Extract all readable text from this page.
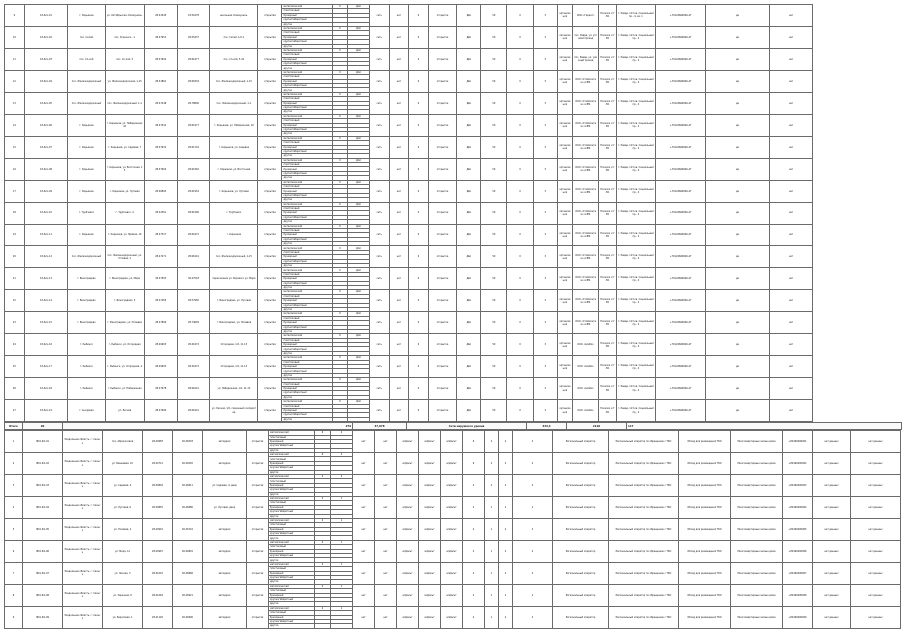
9	43-Клч-01	г. Кирьянов	ул. Октябрьская, Коммуналь.	28.43445	43.51678	школьная, Коммуналь.	открытая	металлический	0	ДШ	сеть	нет	0	открытое	ДШ	50	0	3	организация	ООО «Гарант»	Поселок и ГЭО	г. Ревда, 113 кв. Социальный пр., 4, кв. 1	+70124660046-47	да	нет
								пластиковый																	
								бункерный																	
								крупногабаритный																	
								другое																	
10	43-Клч-02	пос. Склий	пос. Ксенонск., 1	28.47951	28.55437	пос. Склий, 1/2-1	открытая	металлический	0	ДШ	сеть	нет	0	открытое	ДШ	50	0	3	организация	пос. Ревда, ул. угловой проезд	Поселок и ГЭО	г. Ревда, 113 кв. Социальный пр., 4	+70124660046-47	да	нет
								пластиковый																	
								бункерный																	
								крупногабаритный																	
								другое																	
11	43-Клч-03	пос. Сп-кой	пос. Сп-кой, 5	28.47904	28.61977	пос. Сп-кой, 5-10	открытая	металлический	0	ДШ	сеть	нет	0	открытое	ДШ	50	0	3	организация	пос. Ревда, ул. уличный проезд	Поселок и ГЭО	г. Ревда, 113 кв. Социальный пр., 4	+70124660046-47	да	нет
								пластиковый																	
								бункерный																	
								крупногабаритный																	
								другое																	
12	43-Клч-04	пос. Железнодорожный	ул. Железнодорожная, 1-15	28.41861	28.66334	пос. Железнодорожный, 1-15	открытая	металлический	0	ДШ	сеть	нет	0	открытое	ДШ	50	0	3	организация	ООО «Стоймонтаж» в ВМ.	Поселок и ГЭО	г. Ревда, 113 кв. Социальный пр., 4	+70124660046-47	да	нет
								пластиковый																	
								бункерный																	
								крупногабаритный																	
								другое																	
13	43-Клч-05	пос. Железнодорожный	пос. Железнодорожный, 1-1	28.47248	28.78800	пос. Железнодорожный, 1-1	открытая	металлический	0	ДШ	сеть	нет	0	открытое	ДШ	50	0	3	организация	ООО «Стоймонтаж» в ВМ.	Поселок и ГЭО	г. Ревда, 113 кв. Социальный пр., 4	+70124660046-47	да	нет
								пластиковый																	
								бункерный																	
								крупногабаритный																	
								другое																	
14	43-Клч-06	г. Кирьянов	г. Кирьянов, ул. Набережная, 10	28.47541	28.61977	г. Кирьянов, ул. Набережная, 10	открытая	металлический	0	ДШ	сеть	нет	0	открытое	ДШ	50	0	3	организация	ООО «Стоймонтаж» в ВМ.	Поселок и ГЭО	г. Ревда, 113 кв. Социальный пр., 4	+70124660046-47	да	нет
								пластиковый																	
								бункерный																	
								крупногабаритный																	
								другое																	
15	43-Клч-07	г. Кирьянов	г. Кирьянов, ул. Садовая, 7	28.47931	28.61716	г. Кирьянов, ул. Садовая	открытая	металлический	0	ДШ	сеть	нет	0	открытое	ДШ	50	0	3	организация	ООО «Стоймонтаж» в ВМ.	Поселок и ГЭО	г. Ревда, 113 кв. Социальный пр., 4	+70124660046-47	да	нет
								пластиковый																	
								бункерный																	
								крупногабаритный																	
								другое																	
16	43-Клч-08	г. Кирьянов	г. Кирьянов, ул. Восточная, 15	28.47904	28.61962	г. Кирьянов, ул. Восточная	открытая	металлический	0	ДШ	сеть	нет	0	открытое	ДШ	50	0	3	организация	ООО «Стоймонтаж» в ВМ.	Поселок и ГЭО	г. Ревда, 113 кв. Социальный пр., 4	+70124660046-47	да	нет
								пластиковый																	
								бункерный																	
								крупногабаритный																	
								другое																	
17	43-Клч-09	г. Кирьянов	г. Кирьянов, ул. Луговая	28.46893	28.61954	г. Кирьянов, ул. Луговая	открытая	металлический	0	ДШ	сеть	нет	0	открытое	ДШ	50	0	3	организация	ООО «Стоймонтаж» в ВМ.	Поселок и ГЭО	г. Ревда, 113 кв. Социальный пр., 4	+70124660046-47	да	нет
								пластиковый																	
								бункерный																	
								крупногабаритный																	
								другое																	
18	43-Клч-10	г. Трубчевск	г. Трубчевск, 4	28.42361	28.61990	г. Трубчевск	открытая	металлический	0	ДШ	сеть	нет	0	открытое	ДШ	50	0	3	организация	ООО «Стоймонтаж» в ВМ.	Поселок и ГЭО	г. Ревда, 113 кв. Социальный пр., 4	+70124660046-47	да	нет
								пластиковый																	
								бункерный																	
								крупногабаритный																	
								другое																	
19	43-Клч-11	г. Кирьянов	г. Кирьянов, ул. Прямая, 10	28.47317	28.61672	г. Кирьянов	открытая	металлический	0	ДШ	сеть	нет	0	открытое	ДШ	50	0	3	организация	ООО «Стоймонтаж» в ВМ.	Поселок и ГЭО	г. Ревда, 113 кв. Социальный пр., 4	+70124660046-47	да	нет
								пластиковый																	
								бункерный																	
								крупногабаритный																	
								другое																	
20	43-Клч-12	пос. Железнодорожный	пос. Железнодорожный, ул. Угловая, 2	28.47271	28.61641	пос. Железнодорожный, 1-15	открытая	металлический	0	ДШ	сеть	нет	0	открытое	ДШ	50	0	3	организация	ООО «Стоймонтаж» в ВМ.	Поселок и ГЭО	г. Ревда, 113 кв. Социальный пр., 4	+70124660046-47	да	нет
								пластиковый																	
								бункерный																	
								крупногабаритный																	
								другое																	
21	43-Клч-13	г. Виноградово	г. Виноградово, ул. Мира	36.47503	36.47503	пересечение ул. Кирова и ул. Мира	открытая	металлический	0	ДШ	сеть	нет	0	открытое	ДШ	50	0	3	организация	ООО «Стоймонтаж» в ВМ.	Поселок и ГЭО	г. Ревда, 113 кв. Социальный пр., 4	+70124660046-47	да	нет
								пластиковый																	
								бункерный																	
								крупногабаритный																	
								другое																	
22	43-Клч-14	г. Виноградово	г. Виноградово, 5	28.47265	28.57965	г. Виноградово, ул. Луговая	открытая	металлический	0	ДШ	сеть	нет	0	открытое	ДШ	50	0	3	организация	ООО «Стоймонтаж» в ВМ.	Поселок и ГЭО	г. Ревда, 113 кв. Социальный пр., 4	+70124660046-47	да	нет
								пластиковый																	
								бункерный																	
								крупногабаритный																	
								другое																	
23	43-Клч-15	г. Виноградово	г. Виноградово, ул. Полевая	28.47899	28.74649	г. Виноградово, ул. Полевая	открытая	металлический	0	ДШ	сеть	нет	0	открытое	ДШ	50	0	3	организация	ООО «Стоймонтаж» в ВМ.	Поселок и ГЭО	г. Ревда, 113 кв. Социальный пр., 4	+70124660046-47	да	нет
								пластиковый																	
								бункерный																	
								крупногабаритный																	
								другое																	
24	43-Клч-16	г. Рыбинск	г. Рыбинск, ул. Огородная	28.49903	28.41672	Огородная, 1/2, 11-13	открытая	металлический	0	ДШ	сеть	нет	0	открытое	ДШ	50	0	3	организация	ООО «Алиби»	Поселок и ГЭО	г. Ревда, 113 кв. Социальный пр., 4	+70124660046-47	да	нет
								пластиковый																	
								бункерный																	
								крупногабаритный																	
								другое																	
25	43-Клч-17	г. Рыбинск	г. Рыбинск, ул. Огородная, 4	28.49903	28.41672	Огородная, 1/2, 11-13	открытая	металлический	0	ДШ	сеть	нет	0	открытое	ДШ	50	0	3	организация	ООО «Алиби»	Поселок и ГЭО	г. Ревда, 113 кв. Социальный пр., 4	+70124660046-47	да	нет
								пластиковый																	
								бункерный																	
								крупногабаритный																	
								другое																	
26	43-Клч-18	г. Рыбинск	г. Рыбинск, ул. Набережная	28.47978	28.61641	ул. Набережная, 1/2, 11-13	открытая	металлический	0	ДШ	сеть	нет	0	открытое	ДШ	50	0	3	организация	ООО «Алиби»	Поселок и ГЭО	г. Ревда, 113 кв. Социальный пр., 4	+70124660046-47	да	нет
								пластиковый																	
								бункерный																	
								крупногабаритный																	
								другое																	
27	43-Клч-19	г. Ансардия	ул. Лесная	28.47990	28.61641	ул. Лесная, 1/2, гаражный кооператив	открытая	металлический	0	ДШ	сеть	нет	0	открытое	ДШ	50	0	3	организация	ООО «Алиби»	Поселок и ГЭО	г. Ревда, 113 кв. Социальный пр., 4	+70124660046-47	да	нет
								пластиковый																	
								бункерный																	
								крупногабаритный																	
								другое																	
Итого	20	279	47,078	Сети наружного уровня	334,4	2110	117
1	ЭКО-Фл-01	Раздольная область, г. Сальск	пос. Абрикосовая	28.40683	40.46503	автодром	открытая	металлический	6	2	нет	нет	асфальт	асфальт	асфальт	6	2	2	2	Региональный оператор	Региональный оператор по обращению с ТКО	Обход для размещения ТКО	Многоквартирные жилые дома	+80160000001	нет данных	нет данных
								пластиковый																		
								бункерный																		
								крупногабаритный																		
								другое																		
2	ЭКО-Фл-02	Раздольная область, г. Сальск	ул. Вишнёвая, 10	28.40712	40.46520	автодром	открытая	металлический	6	2	нет	нет	асфальт	асфальт	асфальт	6	2	2	2	Региональный оператор	Региональный оператор по обращению с ТКО	Обход для размещения ТКО	Многоквартирные жилые дома	+80160000002	нет данных	нет данных
								пластиковый																		
								бункерный																		
								крупногабаритный																		
								другое																		
3	ЭКО-Фл-03	Раздольная область, г. Сальск	ул. Садовая, 4	28.40802	40.46611	ул. Садовая, 4, двор	открытая	металлический	4	2	нет	нет	асфальт	асфальт	асфальт	4	2	2	2	Региональный оператор	Региональный оператор по обращению с ТКО	Обход для размещения ТКО	Многоквартирные жилые дома	+80160000003	нет данных	нет данных
								пластиковый																		
								бункерный																		
								крупногабаритный																		
								другое																		
4	ЭКО-Фл-04	Раздольная область, г. Сальск	ул. Луговая, 6	28.40855	40.46680	ул. Луговая, двор	открытая	металлический	4	1	нет	нет	асфальт	асфальт	асфальт	4	1	2	2	Региональный оператор	Региональный оператор по обращению с ТКО	Обход для размещения ТКО	Многоквартирные жилые дома	+80160000004	нет данных	нет данных
								пластиковый																		
								бункерный																		
								крупногабаритный																		
								другое																		
5	ЭКО-Фл-05	Раздольная область, г. Сальск	ул. Полевая, 2	28.40910	40.46742	автодром	открытая	металлический	4	1	нет	нет	асфальт	асфальт	асфальт	4	1	2	2	Региональный оператор	Региональный оператор по обращению с ТКО	Обход для размещения ТКО	Многоквартирные жилые дома	+80160000005	нет данных	нет данных
								пластиковый																		
								бункерный																		
								крупногабаритный																		
								другое																		
6	ЭКО-Фл-06	Раздольная область, г. Сальск	ул. Мира, 12	28.40967	40.46801	автодром	открытая	металлический	4	1	нет	нет	асфальт	асфальт	асфальт	4	1	2	2	Региональный оператор	Региональный оператор по обращению с ТКО	Обход для размещения ТКО	Многоквартирные жилые дома	+80160000006	нет данных	нет данных
								пластиковый																		
								бункерный																		
								крупногабаритный																		
								другое																		
7	ЭКО-Фл-07	Раздольная область, г. Сальск	ул. Лесная, 3	28.41010	40.46866	автодром	открытая	металлический	4	1	нет	нет	асфальт	асфальт	асфальт	4	1	2	2	Региональный оператор	Региональный оператор по обращению с ТКО	Обход для размещения ТКО	Многоквартирные жилые дома	+80160000007	нет данных	нет данных
								пластиковый																		
								бункерный																		
								крупногабаритный																		
								другое																		
8	ЭКО-Фл-08	Раздольная область, г. Сальск	ул. Заречная, 8	28.41064	40.46921	автодром	открытая	металлический	4	1	нет	нет	асфальт	асфальт	асфальт	4	1	2	2	Региональный оператор	Региональный оператор по обращению с ТКО	Обход для размещения ТКО	Многоквартирные жилые дома	+80160000008	нет данных	нет данных
								пластиковый																		
								бункерный																		
								крупногабаритный																		
								другое																		
9	ЭКО-Фл-09	Раздольная область, г. Сальск	ул. Береговая, 1	28.41120	40.46990	автодром	открытая	металлический	4	1	нет	нет	асфальт	асфальт	асфальт	4	1	2	2	Региональный оператор	Региональный оператор по обращению с ТКО	Обход для размещения ТКО	Многоквартирные жилые дома	+80160000009	нет данных	нет данных
								пластиковый																		
								бункерный																		
								крупногабаритный																		
								другое																		
